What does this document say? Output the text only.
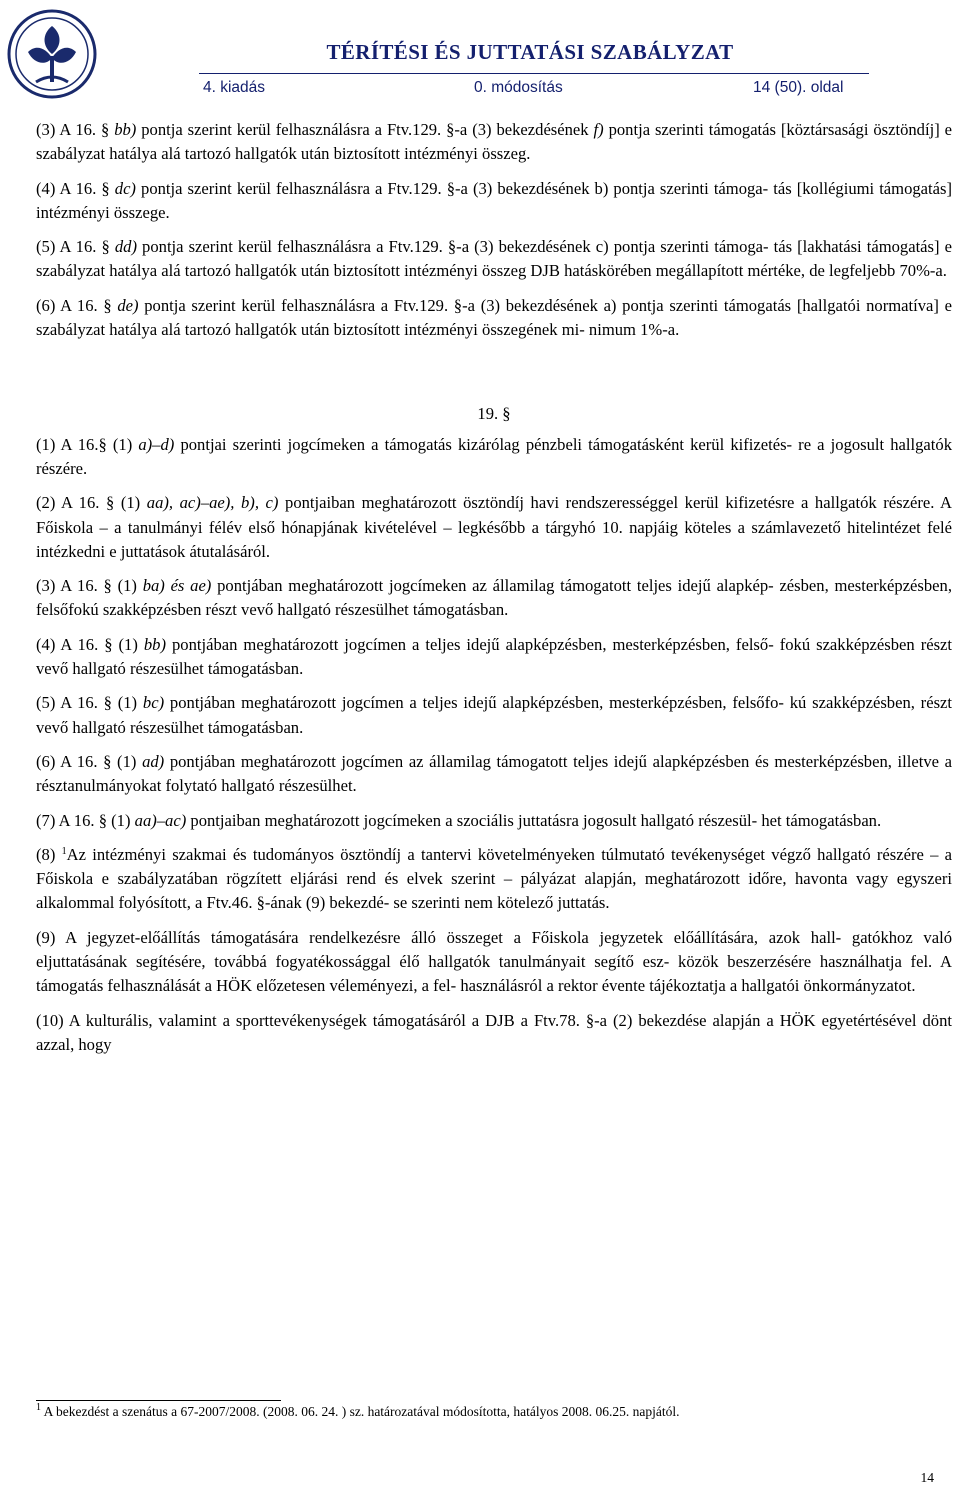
TÉRÍTÉSI ÉS JUTTATÁSI SZABÁLYZAT
4. kiadás	0. módosítás	14 (50). oldal

(3) A 16. § bb) pontja szerint kerül felhasználásra a Ftv.129. §-a (3) bekezdésének f) pontja szerinti támogatás [köztársasági ösztöndíj] e szabályzat hatálya alá tartozó hallgatók után biztosított intézményi összeg.

(4) A 16. § dc) pontja szerint kerül felhasználásra a Ftv.129. §-a (3) bekezdésének b) pontja szerinti támoga- tás [kollégiumi támogatás] intézményi összege.

(5) A 16. § dd) pontja szerint kerül felhasználásra a Ftv.129. §-a (3) bekezdésének c) pontja szerinti támoga- tás [lakhatási támogatás] e szabályzat hatálya alá tartozó hallgatók után biztosított intézményi összeg DJB hatáskörében megállapított mértéke, de legfeljebb 70%-a.

(6) A 16. § de) pontja szerint kerül felhasználásra a Ftv.129. §-a (3) bekezdésének a) pontja szerinti támogatás [hallgatói normatíva] e szabályzat hatálya alá tartozó hallgatók után biztosított intézményi összegének mi- nimum 1%-a.

19. §

(1) A 16.§ (1) a)–d) pontjai szerinti jogcímeken a támogatás kizárólag pénzbeli támogatásként kerül kifizetés- re a jogosult hallgatók részére.

(2) A 16. § (1) aa), ac)–ae), b), c) pontjaiban meghatározott ösztöndíj havi rendszerességgel kerül kifizetésre a hallgatók részére. A Főiskola – a tanulmányi félév első hónapjának kivételével – legkésőbb a tárgyhó 10. napjáig köteles a számlavezető hitelintézet felé intézkedni e juttatások átutalásáról.

(3) A 16. § (1) ba) és ae) pontjában meghatározott jogcímeken az államilag támogatott teljes idejű alapkép- zésben, mesterképzésben, felsőfokú szakképzésben részt vevő hallgató részesülhet támogatásban.

(4) A 16. § (1) bb) pontjában meghatározott jogcímen a teljes idejű alapképzésben, mesterképzésben, felső- fokú szakképzésben részt vevő hallgató részesülhet támogatásban.

(5) A 16. § (1) bc) pontjában meghatározott jogcímen a teljes idejű alapképzésben, mesterképzésben, felsőfo- kú szakképzésben, részt vevő hallgató részesülhet támogatásban.

(6) A 16. § (1) ad) pontjában meghatározott jogcímen az államilag támogatott teljes idejű alapképzésben és mesterképzésben, illetve a résztanulmányokat folytató hallgató részesülhet.

(7) A 16. § (1) aa)–ac) pontjaiban meghatározott jogcímeken a szociális juttatásra jogosult hallgató részesül- het támogatásban.

(8) $^1$Az intézményi szakmai és tudományos ösztöndíj a tantervi követelményeken túlmutató tevékenységet végző hallgató részére – a Főiskola e szabályzatában rögzített eljárási rend és elvek szerint – pályázat alapján, meghatározott időre, havonta vagy egyszeri alkalommal folyósított, a Ftv.46. §-ának (9) bekezdé- se szerinti nem kötelező juttatás.

(9) A jegyzet-előállítás támogatására rendelkezésre álló összeget a Főiskola jegyzetek előállítására, azok hall- gatókhoz való eljuttatásának segítésére, továbbá fogyatékossággal élő hallgatók tanulmányait segítő esz- közök beszerzésére használhatja fel. A támogatás felhasználását a HÖK előzetesen véleményezi, a fel- használásról a rektor évente tájékoztatja a hallgatói önkormányzatot.

(10) A kulturális, valamint a sporttevékenységek támogatásáról a DJB a Ftv.78. §-a (2) bekezdése alapján a HÖK egyetértésével dönt azzal, hogy

$^1$ A bekezdést a szenátus a 67-2007/2008. (2008. 06. 24. ) sz. határozatával módosította, hatályos 2008. 06.25. napjától.
14
